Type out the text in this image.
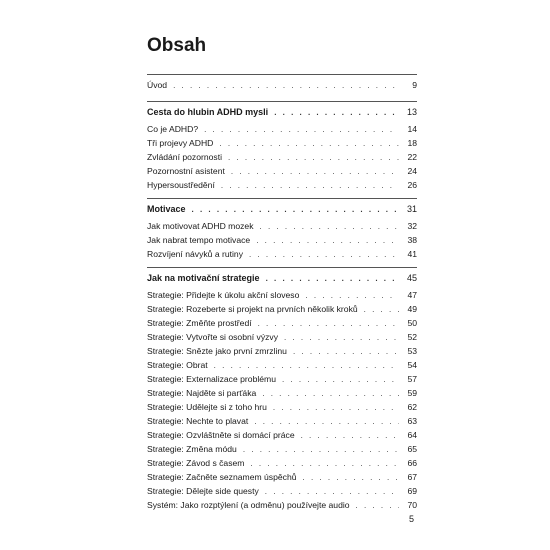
Obsah
Úvod . . .	9
Cesta do hlubin ADHD mysli . . .	13
Co je ADHD? . . .	14
Tři projevy ADHD . . .	18
Zvládání pozornosti . . .	22
Pozornostní asistent . . .	24
Hypersoustředění . . .	26
Motivace . . .	31
Jak motivovat ADHD mozek . . .	32
Jak nabrat tempo motivace . . .	38
Rozvíjení návyků a rutiny . . .	41
Jak na motivační strategie . . .	45
Strategie: Přidejte k úkolu akční sloveso . . .	47
Strategie: Rozeberte si projekt na prvních několik kroků . . .	49
Strategie: Změňte prostředí . . .	50
Strategie: Vytvořte si osobní výzvy . . .	52
Strategie: Snězte jako první zmrzlinu . . .	53
Strategie: Obrat . . .	54
Strategie: Externalizace problému . . .	57
Strategie: Najděte si parťáka . . .	59
Strategie: Udělejte si z toho hru . . .	62
Strategie: Nechte to plavat . . .	63
Strategie: Ozvláštněte si domácí práce . . .	64
Strategie: Změna módu . . .	65
Strategie: Závod s časem . . .	66
Strategie: Začněte seznamem úspěchů . . .	67
Strategie: Dělejte side questy . . .	69
Systém: Jako rozptýlení (a odměnu) používejte audio . . .	70
5
